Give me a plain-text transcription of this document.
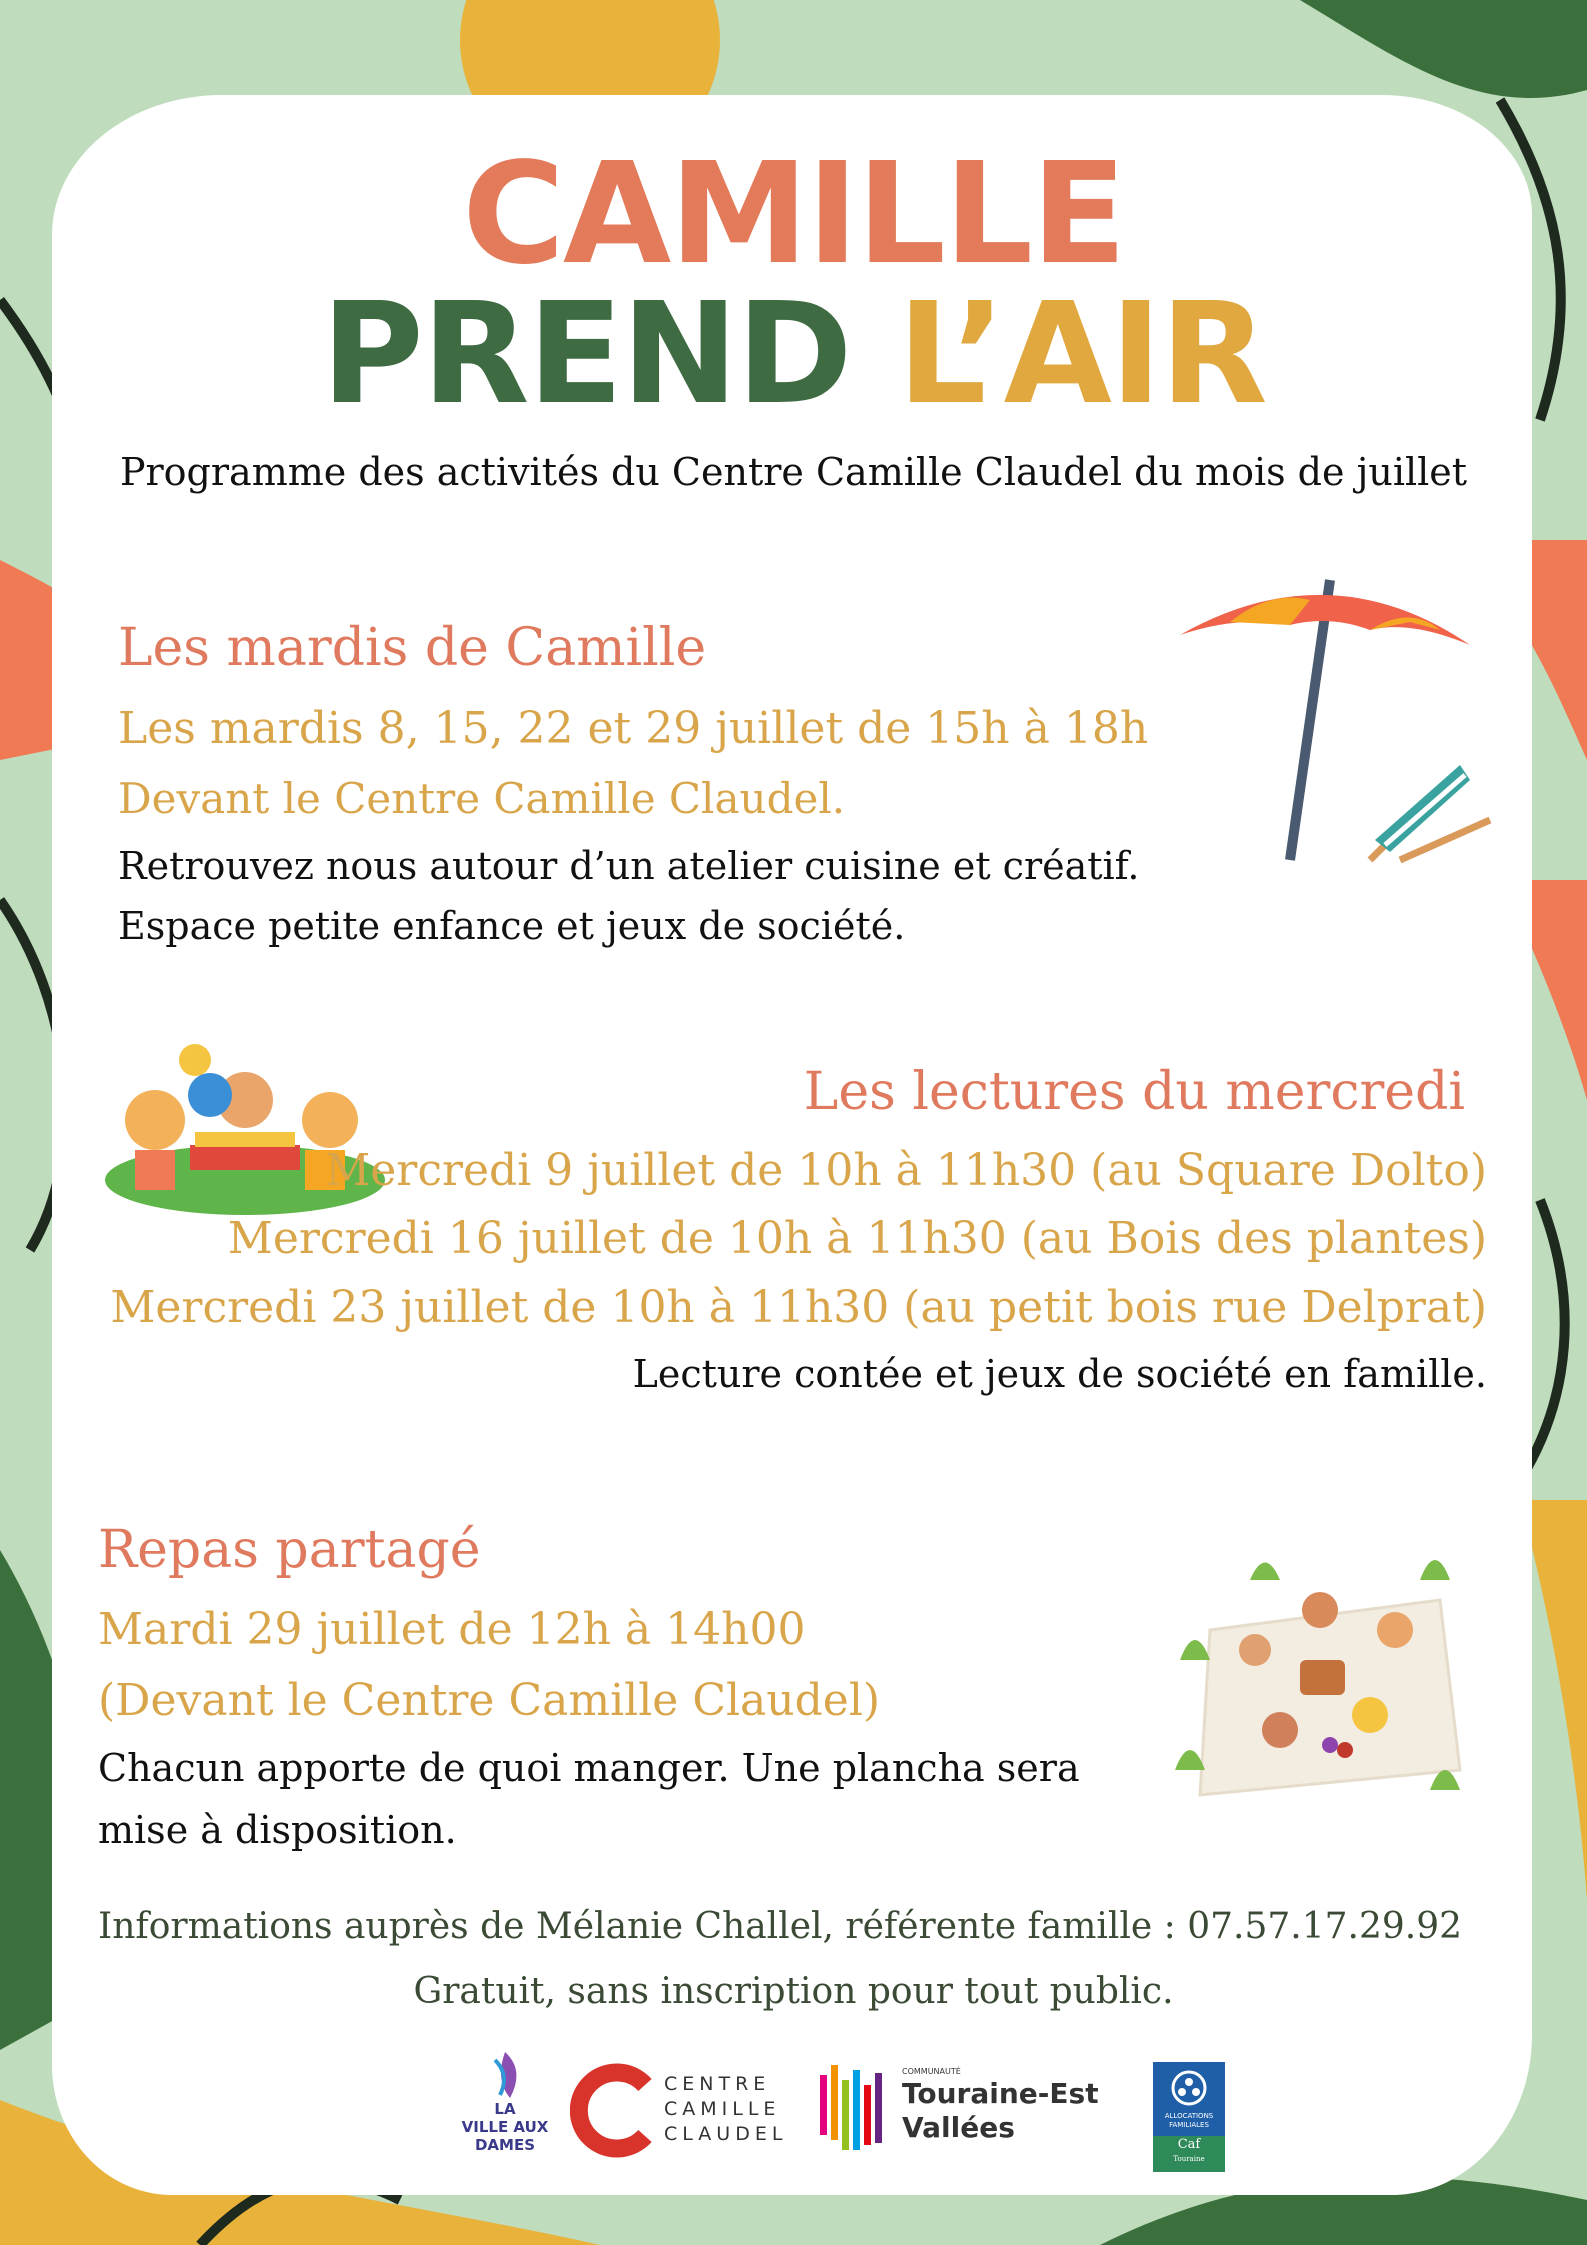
CAMILLE
PREND L’AIR
Programme des activités du Centre Camille Claudel du mois de juillet
Les mardis de Camille
Les mardis 8, 15, 22 et 29 juillet de 15h à 18h
Devant le Centre Camille Claudel.
Retrouvez nous autour d’un atelier cuisine et créatif.
Espace petite enfance et jeux de société.
Les lectures du mercredi
Mercredi 9 juillet de 10h à 11h30 (au Square Dolto)
Mercredi 16 juillet de 10h à 11h30 (au Bois des plantes)
Mercredi 23 juillet de 10h à 11h30 (au petit bois rue Delprat)
Lecture contée et jeux de société en famille.
Repas partagé
Mardi 29 juillet de 12h à 14h00
(Devant le Centre Camille Claudel)
Chacun apporte de quoi manger. Une plancha sera
mise à disposition.
Informations auprès de Mélanie Challel, référente famille : 07.57.17.29.92
Gratuit, sans inscription pour tout public.
LA
VILLE AUX
DAMES
CENTRE
CAMILLE
CLAUDEL
COMMUNAUTÉ
Touraine-Est
Vallées	ALLOCATIONS
FAMILIALES
Caf
Touraine
